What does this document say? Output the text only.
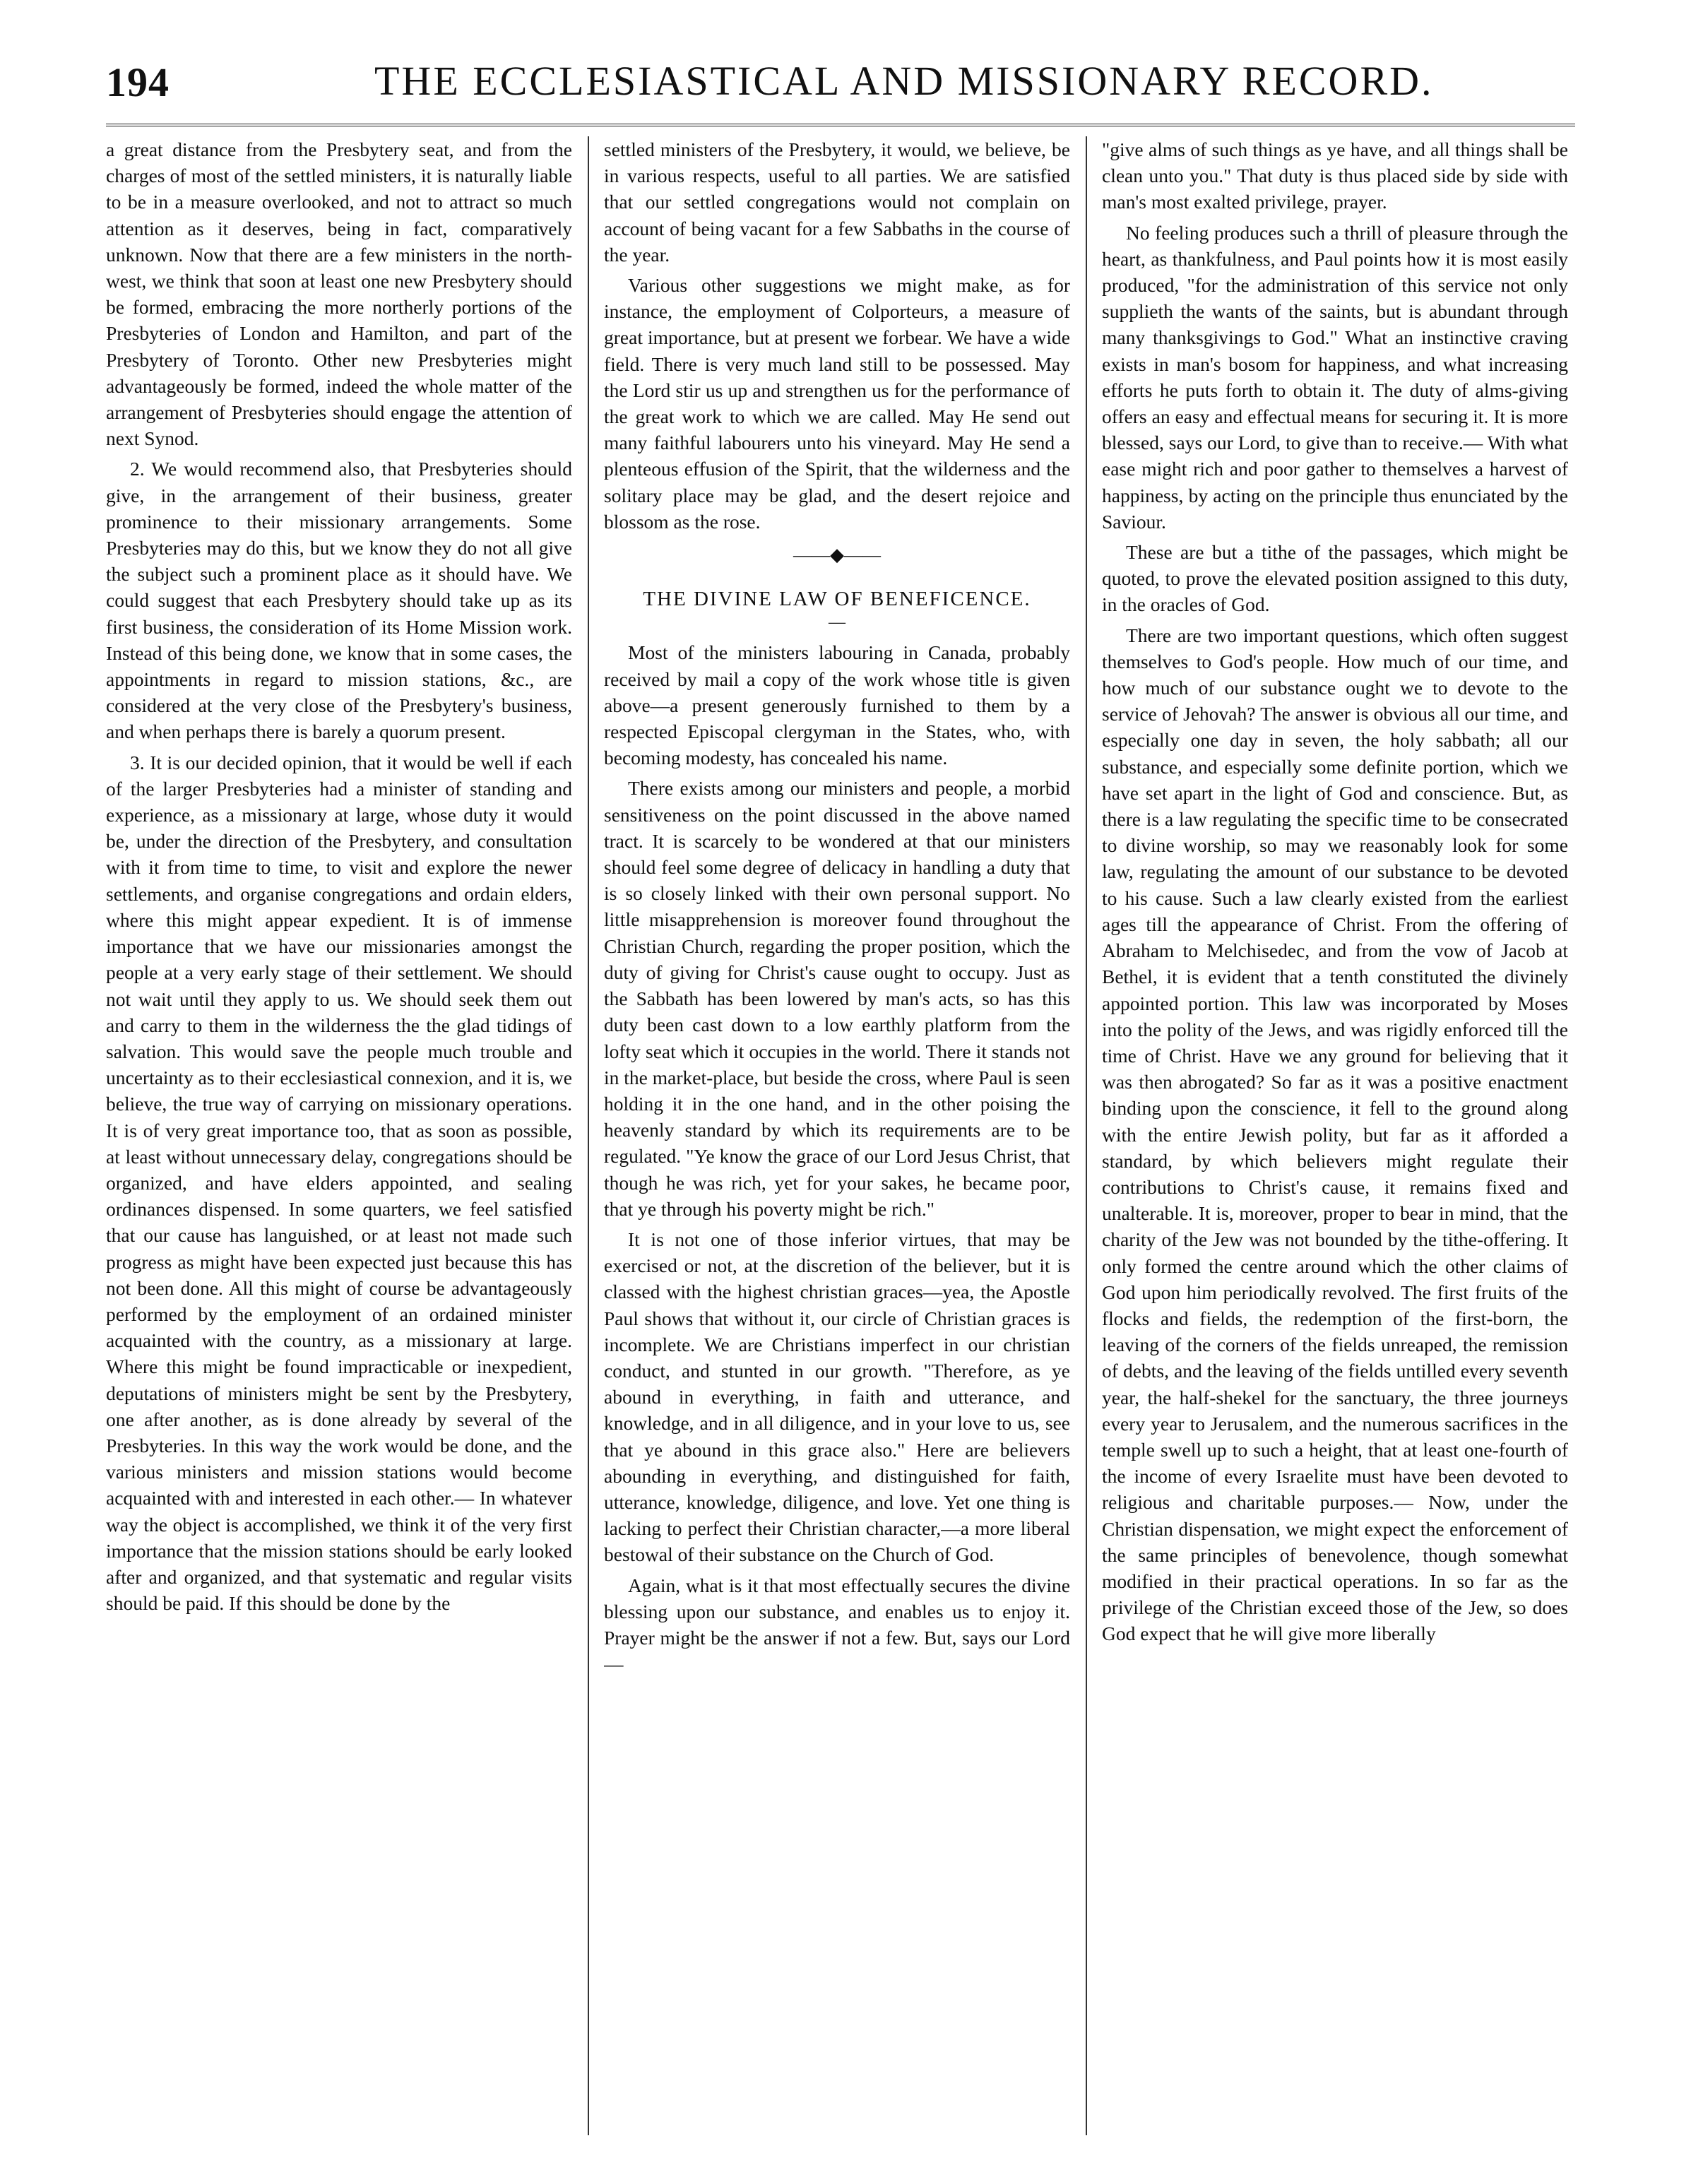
194	THE ECCLESIASTICAL AND MISSIONARY RECORD.

a great distance from the Presbytery seat, and from the charges of most of the settled ministers, it is naturally liable to be in a measure overlooked, and not to attract so much attention as it deserves, being in fact, comparatively unknown. Now that there are a few ministers in the north-west, we think that soon at least one new Presbytery should be formed, embracing the more northerly portions of the Presbyteries of London and Hamilton, and part of the Presbytery of Toronto. Other new Presbyteries might advantageously be formed, indeed the whole matter of the arrangement of Presbyteries should engage the attention of next Synod.

2. We would recommend also, that Presbyteries should give, in the arrangement of their business, greater prominence to their missionary arrangements. Some Presbyteries may do this, but we know they do not all give the subject such a prominent place as it should have. We could suggest that each Presbytery should take up as its first business, the consideration of its Home Mission work. Instead of this being done, we know that in some cases, the appointments in regard to mission stations, &c., are considered at the very close of the Presbytery's business, and when perhaps there is barely a quorum present.

3. It is our decided opinion, that it would be well if each of the larger Presbyteries had a minister of standing and experience, as a missionary at large, whose duty it would be, under the direction of the Presbytery, and consultation with it from time to time, to visit and explore the newer settlements, and organise congregations and ordain elders, where this might appear expedient. It is of immense importance that we have our missionaries amongst the people at a very early stage of their settlement. We should not wait until they apply to us. We should seek them out and carry to them in the wilderness the the glad tidings of salvation. This would save the people much trouble and uncertainty as to their ecclesiastical connexion, and it is, we believe, the true way of carrying on missionary operations. It is of very great importance too, that as soon as possible, at least without unnecessary delay, congregations should be organized, and have elders appointed, and sealing ordinances dispensed. In some quarters, we feel satisfied that our cause has languished, or at least not made such progress as might have been expected just because this has not been done. All this might of course be advantageously performed by the employment of an ordained minister acquainted with the country, as a missionary at large. Where this might be found impracticable or inexpedient, deputations of ministers might be sent by the Presbytery, one after another, as is done already by several of the Presbyteries. In this way the work would be done, and the various ministers and mission stations would become acquainted with and interested in each other.— In whatever way the object is accomplished, we think it of the very first importance that the mission stations should be early looked after and organized, and that systematic and regular visits should be paid. If this should be done by the

settled ministers of the Presbytery, it would, we believe, be in various respects, useful to all parties. We are satisfied that our settled congregations would not complain on account of being vacant for a few Sabbaths in the course of the year.

Various other suggestions we might make, as for instance, the employment of Colporteurs, a measure of great importance, but at present we forbear. We have a wide field. There is very much land still to be possessed. May the Lord stir us up and strengthen us for the performance of the great work to which we are called. May He send out many faithful labourers unto his vineyard. May He send a plenteous effusion of the Spirit, that the wilderness and the solitary place may be glad, and the desert rejoice and blossom as the rose.

——◆——
THE DIVINE LAW OF BENEFICENCE.
—

Most of the ministers labouring in Canada, probably received by mail a copy of the work whose title is given above—a present generously furnished to them by a respected Episcopal clergyman in the States, who, with becoming modesty, has concealed his name.

There exists among our ministers and people, a morbid sensitiveness on the point discussed in the above named tract. It is scarcely to be wondered at that our ministers should feel some degree of delicacy in handling a duty that is so closely linked with their own personal support. No little misapprehension is moreover found throughout the Christian Church, regarding the proper position, which the duty of giving for Christ's cause ought to occupy. Just as the Sabbath has been lowered by man's acts, so has this duty been cast down to a low earthly platform from the lofty seat which it occupies in the world. There it stands not in the market-place, but beside the cross, where Paul is seen holding it in the one hand, and in the other poising the heavenly standard by which its requirements are to be regulated. "Ye know the grace of our Lord Jesus Christ, that though he was rich, yet for your sakes, he became poor, that ye through his poverty might be rich."

It is not one of those inferior virtues, that may be exercised or not, at the discretion of the believer, but it is classed with the highest christian graces—yea, the Apostle Paul shows that without it, our circle of Christian graces is incomplete. We are Christians imperfect in our christian conduct, and stunted in our growth. "Therefore, as ye abound in everything, in faith and utterance, and knowledge, and in all diligence, and in your love to us, see that ye abound in this grace also." Here are believers abounding in everything, and distinguished for faith, utterance, knowledge, diligence, and love. Yet one thing is lacking to perfect their Christian character,—a more liberal bestowal of their substance on the Church of God.

Again, what is it that most effectually secures the divine blessing upon our substance, and enables us to enjoy it. Prayer might be the answer if not a few. But, says our Lord—

"give alms of such things as ye have, and all things shall be clean unto you." That duty is thus placed side by side with man's most exalted privilege, prayer.

No feeling produces such a thrill of pleasure through the heart, as thankfulness, and Paul points how it is most easily produced, "for the administration of this service not only supplieth the wants of the saints, but is abundant through many thanksgivings to God." What an instinctive craving exists in man's bosom for happiness, and what increasing efforts he puts forth to obtain it. The duty of alms-giving offers an easy and effectual means for securing it. It is more blessed, says our Lord, to give than to receive.— With what ease might rich and poor gather to themselves a harvest of happiness, by acting on the principle thus enunciated by the Saviour.

These are but a tithe of the passages, which might be quoted, to prove the elevated position assigned to this duty, in the oracles of God.

There are two important questions, which often suggest themselves to God's people. How much of our time, and how much of our substance ought we to devote to the service of Jehovah? The answer is obvious all our time, and especially one day in seven, the holy sabbath; all our substance, and especially some definite portion, which we have set apart in the light of God and conscience. But, as there is a law regulating the specific time to be consecrated to divine worship, so may we reasonably look for some law, regulating the amount of our substance to be devoted to his cause. Such a law clearly existed from the earliest ages till the appearance of Christ. From the offering of Abraham to Melchisedec, and from the vow of Jacob at Bethel, it is evident that a tenth constituted the divinely appointed portion. This law was incorporated by Moses into the polity of the Jews, and was rigidly enforced till the time of Christ. Have we any ground for believing that it was then abrogated? So far as it was a positive enactment binding upon the conscience, it fell to the ground along with the entire Jewish polity, but far as it afforded a standard, by which believers might regulate their contributions to Christ's cause, it remains fixed and unalterable. It is, moreover, proper to bear in mind, that the charity of the Jew was not bounded by the tithe-offering. It only formed the centre around which the other claims of God upon him periodically revolved. The first fruits of the flocks and fields, the redemption of the first-born, the leaving of the corners of the fields unreaped, the remission of debts, and the leaving of the fields untilled every seventh year, the half-shekel for the sanctuary, the three journeys every year to Jerusalem, and the numerous sacrifices in the temple swell up to such a height, that at least one-fourth of the income of every Israelite must have been devoted to religious and charitable purposes.— Now, under the Christian dispensation, we might expect the enforcement of the same principles of benevolence, though somewhat modified in their practical operations. In so far as the privilege of the Christian exceed those of the Jew, so does God expect that he will give more liberally
